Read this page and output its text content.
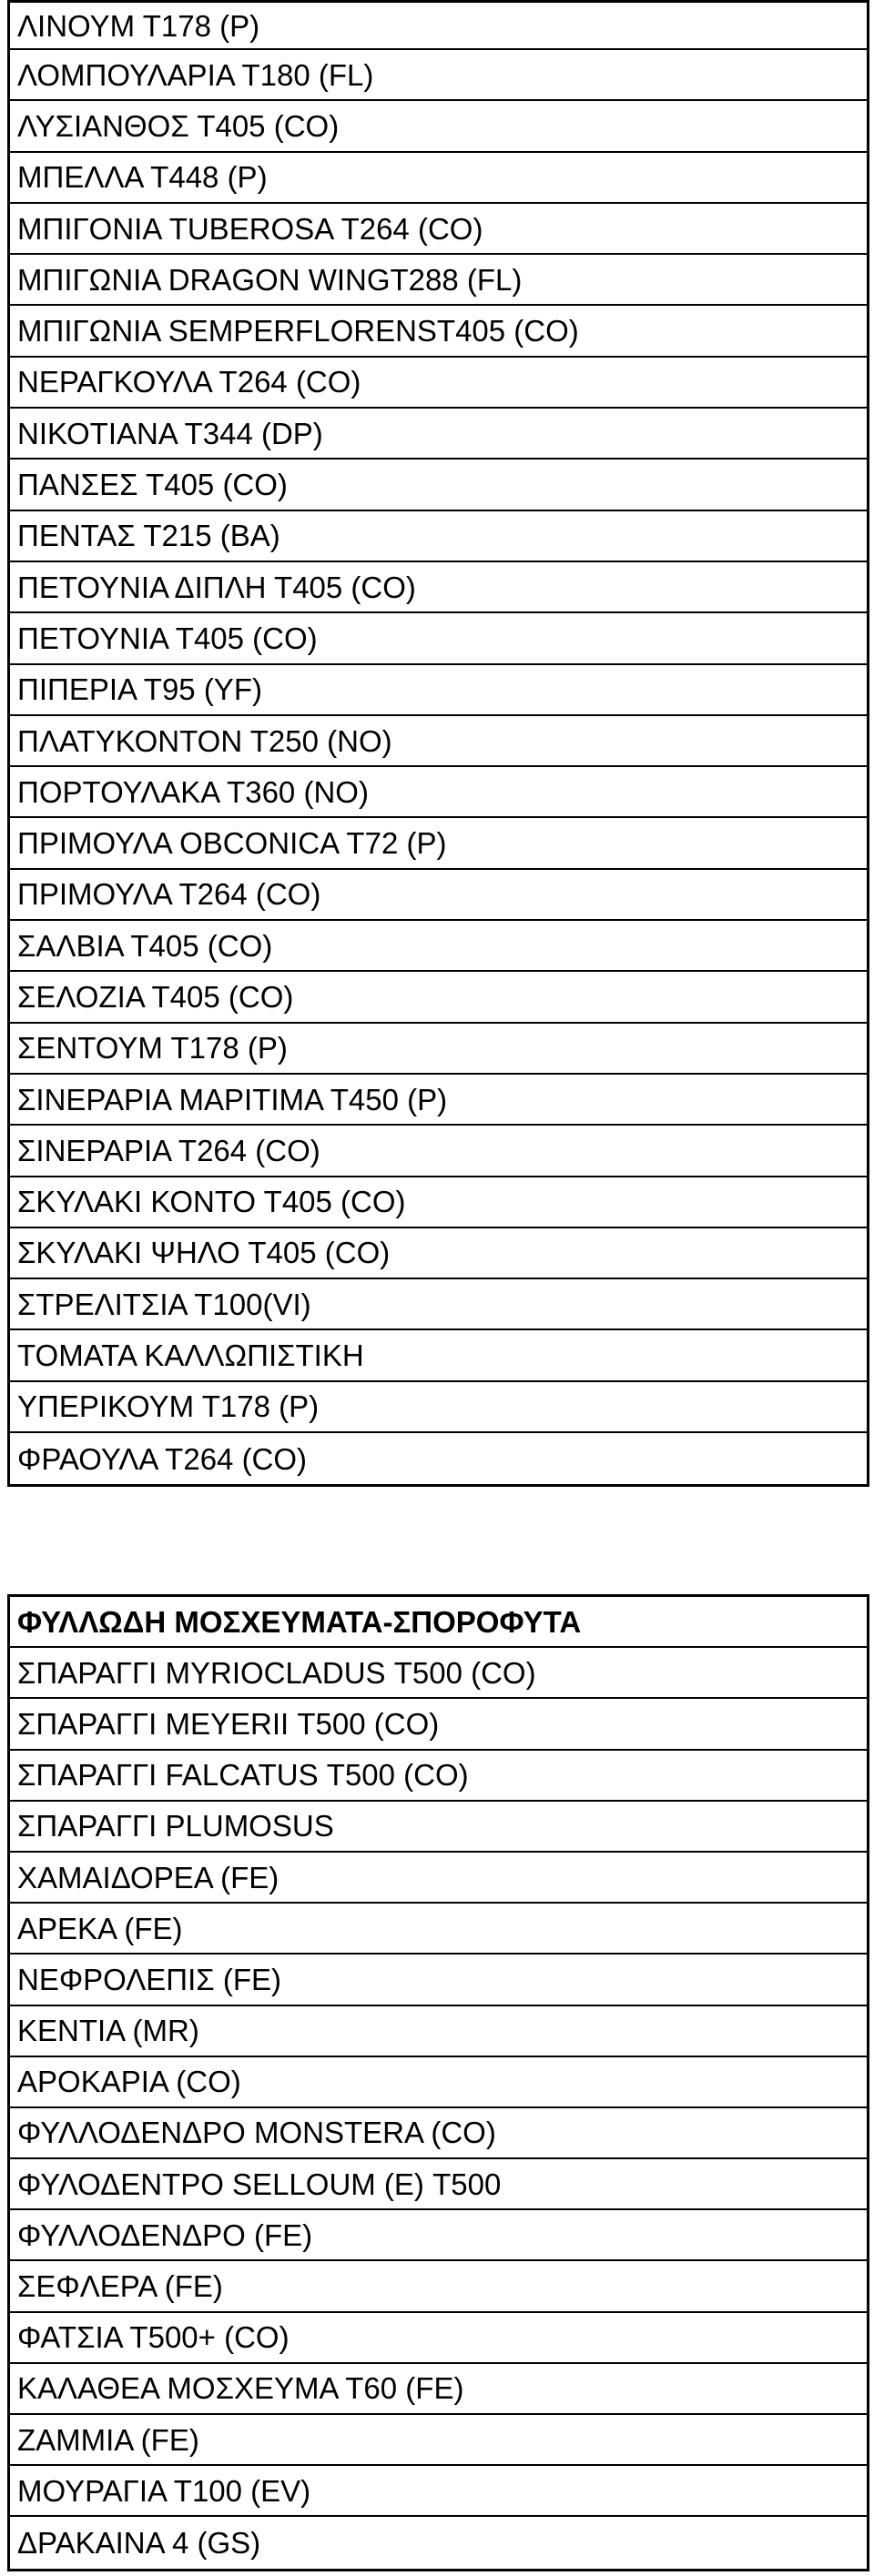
ΛΙΝΟΥΜ Τ178 (P)
ΛΟΜΠΟΥΛΑΡΙΑ Τ180 (FL)
ΛΥΣΙΑΝΘΟΣ Τ405 (CO)
ΜΠΕΛΛΑ Τ448 (P)
ΜΠΙΓΟΝΙΑ TUBEROSA Τ264 (CO)
ΜΠΙΓΩΝΙΑ DRAGON WINGΤ288 (FL)
ΜΠΙΓΩΝΙΑ SEMPERFLORENSΤ405 (CO)
ΝΕΡΑΓΚΟΥΛΑ Τ264 (CO)
ΝΙΚΟΤΙΑΝΑ Τ344 (DP)
ΠΑΝΣΕΣ Τ405 (CO)
ΠΕΝΤΑΣ Τ215 (BA)
ΠΕΤΟΥΝΙΑ ΔΙΠΛΗ Τ405 (CO)
ΠΕΤΟΥΝΙΑ Τ405 (CO)
ΠΙΠΕΡΙΑ Τ95 (YF)
ΠΛΑΤΥΚΟΝΤΟΝ Τ250 (NO)
ΠΟΡΤΟΥΛΑΚΑ Τ360 (NO)
ΠΡΙΜΟΥΛΑ OBCONICA Τ72 (P)
ΠΡΙΜΟΥΛΑ Τ264 (CO)
ΣΑΛΒΙΑ Τ405 (CO)
ΣΕΛΟΖΙΑ Τ405 (CO)
ΣΕΝΤΟΥΜ Τ178 (P)
ΣΙΝΕΡΑΡΙΑ ΜΑΡΙΤΙΜΑ Τ450 (P)
ΣΙΝΕΡΑΡΙΑ Τ264 (CO)
ΣΚΥΛΑΚΙ ΚΟΝΤΟ Τ405 (CO)
ΣΚΥΛΑΚΙ ΨΗΛΟ Τ405 (CO)
ΣΤΡΕΛΙΤΣΙΑ Τ100(VI)
ΤΟΜΑΤΑ ΚΑΛΛΩΠΙΣΤΙΚΗ
ΥΠΕΡΙΚΟΥΜ Τ178 (P)
ΦΡΑΟΥΛΑ Τ264 (CO)
ΦΥΛΛΩΔΗ ΜΟΣΧΕΥΜΑΤΑ-ΣΠΟΡΟΦΥΤΑ
ΣΠΑΡΑΓΓΙ MYRIOCLADUS Τ500 (CO)
ΣΠΑΡΑΓΓΙ MEYERII Τ500 (CO)
ΣΠΑΡΑΓΓΙ FALCATUS Τ500 (CO)
ΣΠΑΡΑΓΓΙ PLUMOSUS
ΧΑΜΑΙΔΟΡΕΑ (FE)
ΑΡΕΚΑ (FE)
ΝΕΦΡΟΛΕΠΙΣ (FE)
ΚΕΝΤΙΑ (MR)
ΑΡΟΚΑΡΙΑ (CO)
ΦΥΛΛΟΔΕΝΔΡΟ MONSTERA (CO)
ΦΥΛΟΔΕΝΤΡΟ SELLOUM (E) Τ500
ΦΥΛΛΟΔΕΝΔΡΟ (FE)
ΣΕΦΛΕΡΑ (FE)
ΦΑΤΣΙΑ Τ500+ (CO)
ΚΑΛΑΘΕΑ ΜΟΣΧΕΥΜΑ Τ60 (FE)
ΖΑΜΜΙΑ (FE)
ΜΟΥΡΑΓΙΑ Τ100 (EV)
ΔΡΑΚΑΙΝΑ 4 (GS)
